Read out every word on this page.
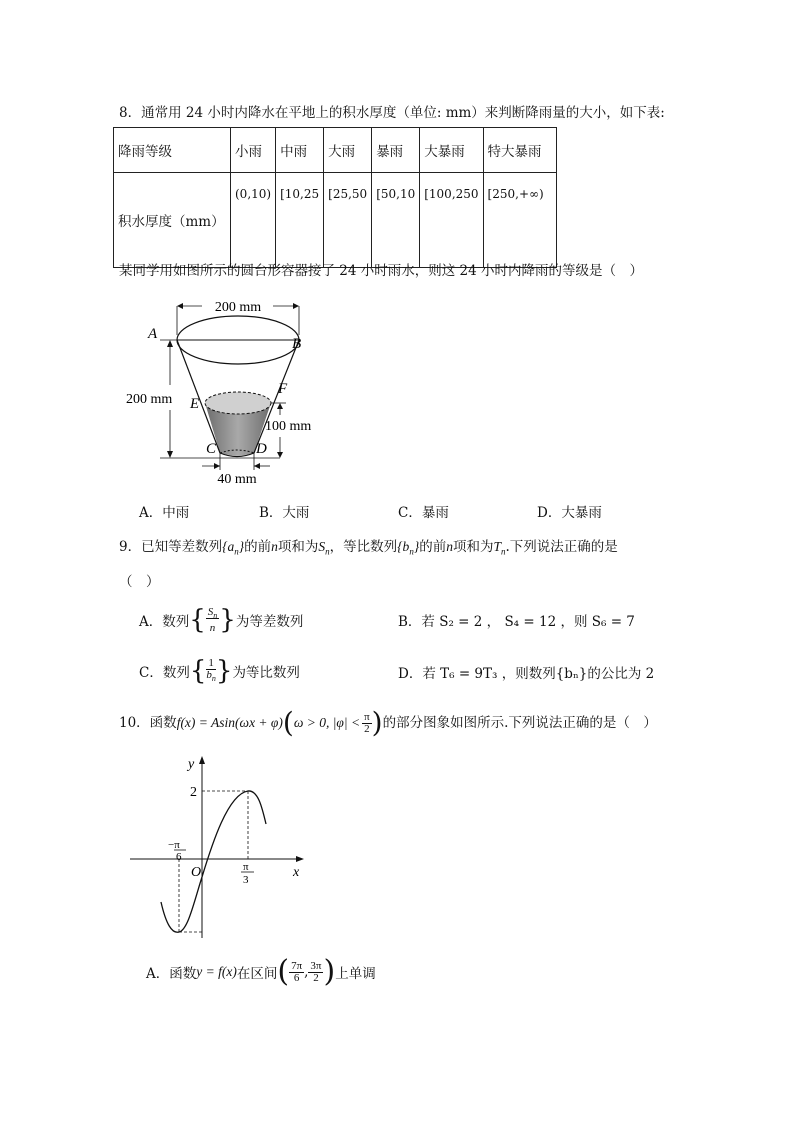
8．通常用 24 小时内降水在平地上的积水厚度（单位: mm）来判断降雨量的大小，如下表:
降雨等级	小雨	中雨	大雨	暴雨	大暴雨	特大暴雨
积水厚度（mm）	(0,10)	[10,25	[25,50	[50,10	[100,250	[250,+∞)
某同学用如图所示的圆台形容器接了 24 小时雨水，则这 24 小时内降雨的等级是（　）
200 mm
200 mm
100 mm
40 mm
A
B
E
F
C	D
A．中雨	B．大雨	C．暴雨	D．大暴雨
9．已知等差数列$\{a_n\}$的前n项和为$S_n$，等比数列$\{b_n\}$的前n项和为$T_n$.下列说法正确的是
（　）
A．数列 { $\frac{S_n}{n}$ } 为等差数列	B．若 S₂ = 2 ， S₄ = 12 ，则 S₆ = 7
C．数列 { $\frac{1}{b_n}$ } 为等比数列	D．若 T₆ = 9T₃ ，则数列{bₙ}的公比为 2
10．函数 f(x) = Asin(ωx + φ) ( ω > 0, $|\varphi| < \frac{\pi}{2}$ ) 的部分图象如图所示.下列说法正确的是（　）
y
x
O
2
−π
6
π
3
A．函数 y = f(x) 在区间 ( $\frac{7\pi}{6}$ , $\frac{3\pi}{2}$ ) 上单调
